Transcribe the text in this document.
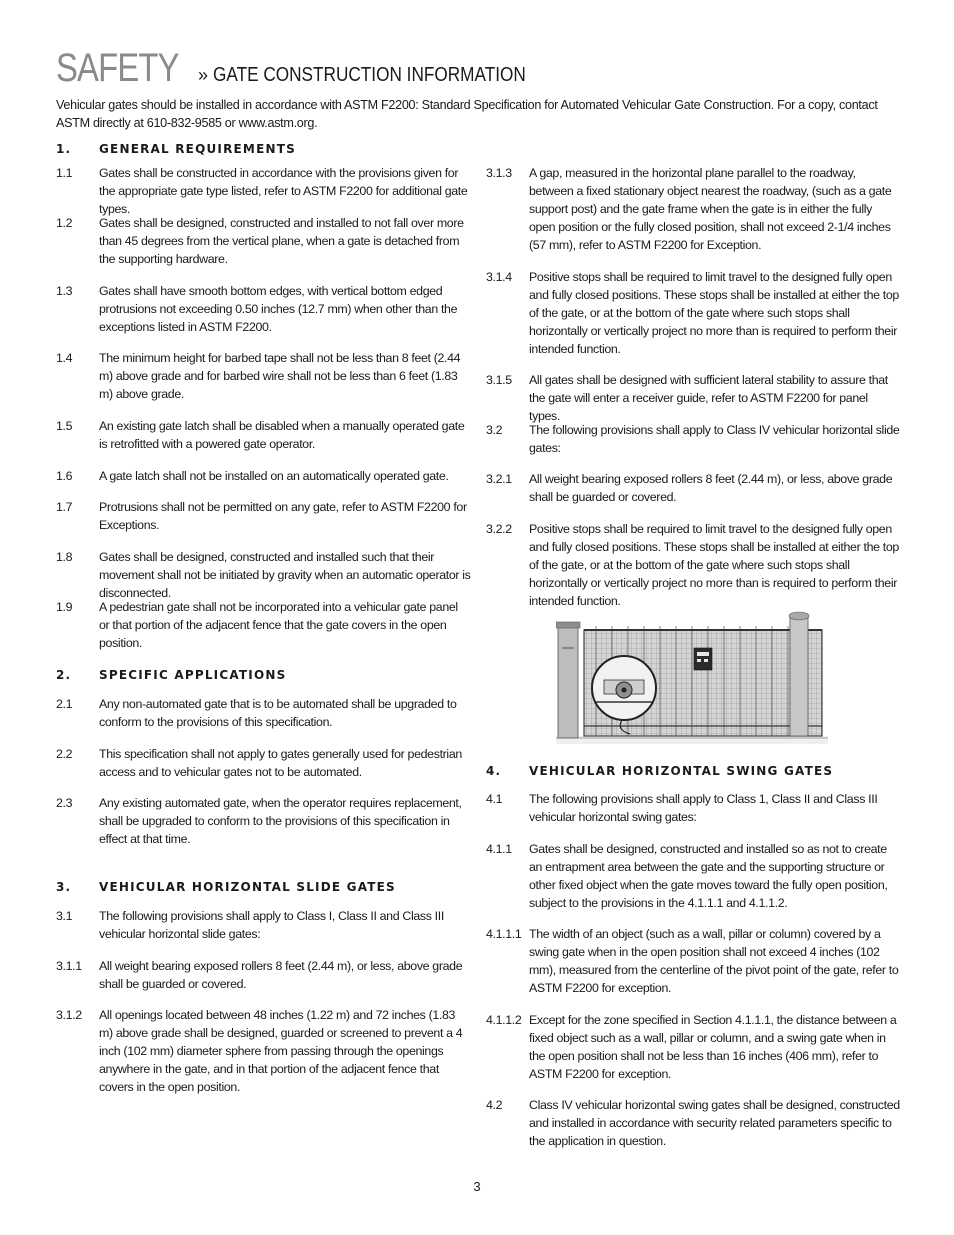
SAFETY » GATE CONSTRUCTION INFORMATION
Vehicular gates should be installed in accordance with ASTM F2200: Standard Specification for Automated Vehicular Gate Construction. For a copy, contact ASTM directly at 610-832-9585 or www.astm.org.
1. GENERAL REQUIREMENTS
1.1 Gates shall be constructed in accordance with the provisions given for the appropriate gate type listed, refer to ASTM F2200 for additional gate types.
1.2 Gates shall be designed, constructed and installed to not fall over more than 45 degrees from the vertical plane, when a gate is detached from the supporting hardware.
1.3 Gates shall have smooth bottom edges, with vertical bottom edged protrusions not exceeding 0.50 inches (12.7 mm) when other than the exceptions listed in ASTM F2200.
1.4 The minimum height for barbed tape shall not be less than 8 feet (2.44 m) above grade and for barbed wire shall not be less than 6 feet (1.83 m) above grade.
1.5 An existing gate latch shall be disabled when a manually operated gate is retrofitted with a powered gate operator.
1.6 A gate latch shall not be installed on an automatically operated gate.
1.7 Protrusions shall not be permitted on any gate, refer to ASTM F2200 for Exceptions.
1.8 Gates shall be designed, constructed and installed such that their movement shall not be initiated by gravity when an automatic operator is disconnected.
1.9 A pedestrian gate shall not be incorporated into a vehicular gate panel or that portion of the adjacent fence that the gate covers in the open position.
2. SPECIFIC APPLICATIONS
2.1 Any non-automated gate that is to be automated shall be upgraded to conform to the provisions of this specification.
2.2 This specification shall not apply to gates generally used for pedestrian access and to vehicular gates not to be automated.
2.3 Any existing automated gate, when the operator requires replacement, shall be upgraded to conform to the provisions of this specification in effect at that time.
3. VEHICULAR HORIZONTAL SLIDE GATES
3.1 The following provisions shall apply to Class I, Class II and Class III vehicular horizontal slide gates:
3.1.1 All weight bearing exposed rollers 8 feet (2.44 m), or less, above grade shall be guarded or covered.
3.1.2 All openings located between 48 inches (1.22 m) and 72 inches (1.83 m) above grade shall be designed, guarded or screened to prevent a 4 inch (102 mm) diameter sphere from passing through the openings anywhere in the gate, and in that portion of the adjacent fence that covers in the open position.
3.1.3 A gap, measured in the horizontal plane parallel to the roadway, between a fixed stationary object nearest the roadway, (such as a gate support post) and the gate frame when the gate is in either the fully open position or the fully closed position, shall not exceed 2-1/4 inches (57 mm), refer to ASTM F2200 for Exception.
3.1.4 Positive stops shall be required to limit travel to the designed fully open and fully closed positions. These stops shall be installed at either the top of the gate, or at the bottom of the gate where such stops shall horizontally or vertically project no more than is required to perform their intended function.
3.1.5 All gates shall be designed with sufficient lateral stability to assure that the gate will enter a receiver guide, refer to ASTM F2200 for panel types.
3.2 The following provisions shall apply to Class IV vehicular horizontal slide gates:
3.2.1 All weight bearing exposed rollers 8 feet (2.44 m), or less, above grade shall be guarded or covered.
3.2.2 Positive stops shall be required to limit travel to the designed fully open and fully closed positions. These stops shall be installed at either the top of the gate, or at the bottom of the gate where such stops shall horizontally or vertically project no more than is required to perform their intended function.
4. VEHICULAR HORIZONTAL SWING GATES
4.1 The following provisions shall apply to Class 1, Class II and Class III vehicular horizontal swing gates:
4.1.1 Gates shall be designed, constructed and installed so as not to create an entrapment area between the gate and the supporting structure or other fixed object when the gate moves toward the fully open position, subject to the provisions in the 4.1.1.1 and 4.1.1.2.
4.1.1.1 The width of an object (such as a wall, pillar or column) covered by a swing gate when in the open position shall not exceed 4 inches (102 mm), measured from the centerline of the pivot point of the gate, refer to ASTM F2200 for exception.
4.1.1.2 Except for the zone specified in Section 4.1.1.1, the distance between a fixed object such as a wall, pillar or column, and a swing gate when in the open position shall not be less than 16 inches (406 mm), refer to ASTM F2200 for exception.
4.2 Class IV vehicular horizontal swing gates shall be designed, constructed and installed in accordance with security related parameters specific to the application in question.
3
